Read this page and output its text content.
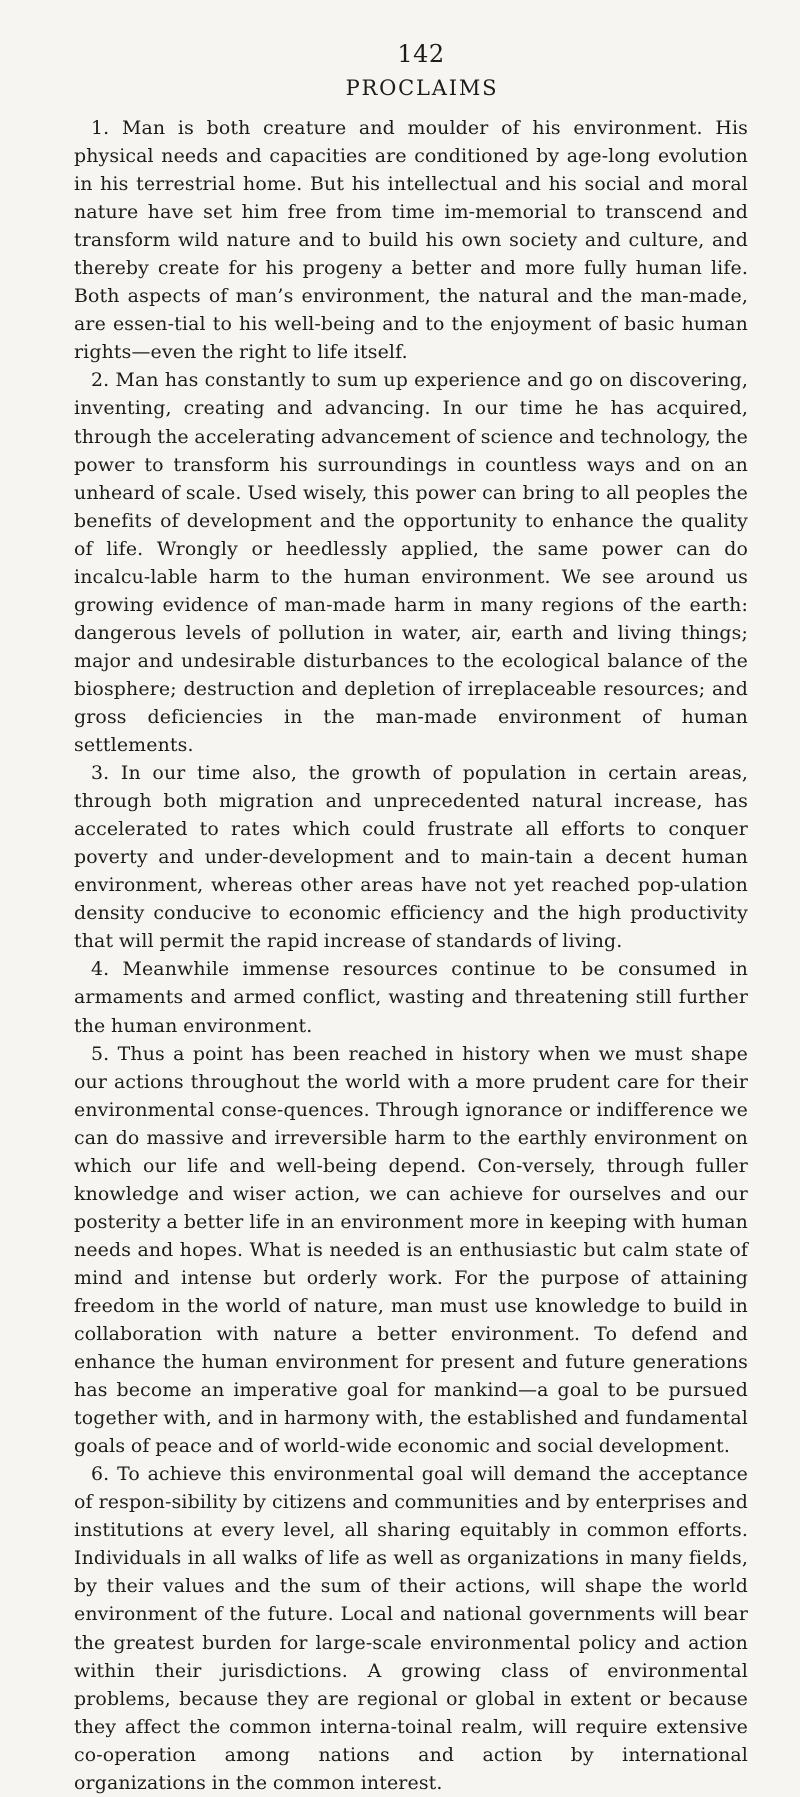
142
PROCLAIMS

1. Man is both creature and moulder of his environment. His physical needs and capacities are conditioned by age-long evolution in his terrestrial home. But his intellectual and his social and moral nature have set him free from time im-memorial to transcend and transform wild nature and to build his own society and culture, and thereby create for his progeny a better and more fully human life. Both aspects of man’s environment, the natural and the man-made, are essen-tial to his well-being and to the enjoyment of basic human rights—even the right to life itself.

2. Man has constantly to sum up experience and go on discovering, inventing, creating and advancing. In our time he has acquired, through the accelerating advancement of science and technology, the power to transform his surroundings in countless ways and on an unheard of scale. Used wisely, this power can bring to all peoples the benefits of development and the opportunity to enhance the quality of life. Wrongly or heedlessly applied, the same power can do incalcu-lable harm to the human environment. We see around us growing evidence of man-made harm in many regions of the earth: dangerous levels of pollution in water, air, earth and living things; major and undesirable disturbances to the ecological balance of the biosphere; destruction and depletion of irreplaceable resources; and gross deficiencies in the man-made environment of human settlements.

3. In our time also, the growth of population in certain areas, through both migration and unprecedented natural increase, has accelerated to rates which could frustrate all efforts to conquer poverty and under-development and to main-tain a decent human environment, whereas other areas have not yet reached pop-ulation density conducive to economic efficiency and the high productivity that will permit the rapid increase of standards of living.

4. Meanwhile immense resources continue to be consumed in armaments and armed conflict, wasting and threatening still further the human environment.

5. Thus a point has been reached in history when we must shape our actions throughout the world with a more prudent care for their environmental conse-quences. Through ignorance or indifference we can do massive and irreversible harm to the earthly environment on which our life and well-being depend. Con-versely, through fuller knowledge and wiser action, we can achieve for ourselves and our posterity a better life in an environment more in keeping with human needs and hopes. What is needed is an enthusiastic but calm state of mind and intense but orderly work. For the purpose of attaining freedom in the world of nature, man must use knowledge to build in collaboration with nature a better environment. To defend and enhance the human environment for present and future generations has become an imperative goal for mankind—a goal to be pursued together with, and in harmony with, the established and fundamental goals of peace and of world-wide economic and social development.

6. To achieve this environmental goal will demand the acceptance of respon-sibility by citizens and communities and by enterprises and institutions at every level, all sharing equitably in common efforts. Individuals in all walks of life as well as organizations in many fields, by their values and the sum of their actions, will shape the world environment of the future. Local and national governments will bear the greatest burden for large-scale environmental policy and action within their jurisdictions. A growing class of environmental problems, because they are regional or global in extent or because they affect the common interna-toinal realm, will require extensive co-operation among nations and action by international organizations in the common interest.
